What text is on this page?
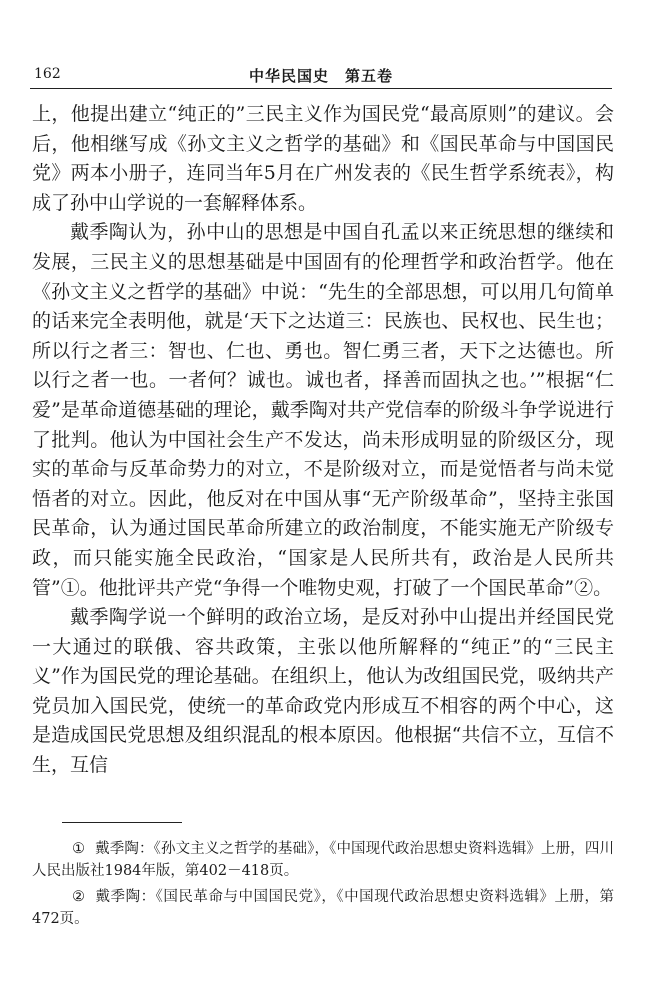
162	中华民国史　第五卷

上，他提出建立“纯正的”三民主义作为国民党“最高原则”的建议。会后，他相继写成《孙文主义之哲学的基础》和《国民革命与中国国民党》两本小册子，连同当年5月在广州发表的《民生哲学系统表》，构成了孙中山学说的一套解释体系。

戴季陶认为，孙中山的思想是中国自孔孟以来正统思想的继续和发展，三民主义的思想基础是中国固有的伦理哲学和政治哲学。他在《孙文主义之哲学的基础》中说：“先生的全部思想，可以用几句简单的话来完全表明他，就是‘天下之达道三：民族也、民权也、民生也；所以行之者三：智也、仁也、勇也。智仁勇三者，天下之达德也。所以行之者一也。一者何？诚也。诚也者，择善而固执之也。’”根据“仁爱”是革命道德基础的理论，戴季陶对共产党信奉的阶级斗争学说进行了批判。他认为中国社会生产不发达，尚未形成明显的阶级区分，现实的革命与反革命势力的对立，不是阶级对立，而是觉悟者与尚未觉悟者的对立。因此，他反对在中国从事“无产阶级革命”，坚持主张国民革命，认为通过国民革命所建立的政治制度，不能实施无产阶级专政，而只能实施全民政治，“国家是人民所共有，政治是人民所共管”①。他批评共产党“争得一个唯物史观，打破了一个国民革命”②。

戴季陶学说一个鲜明的政治立场，是反对孙中山提出并经国民党一大通过的联俄、容共政策，主张以他所解释的“纯正”的“三民主义”作为国民党的理论基础。在组织上，他认为改组国民党，吸纳共产党员加入国民党，使统一的革命政党内形成互不相容的两个中心，这是造成国民党思想及组织混乱的根本原因。他根据“共信不立，互信不生，互信

① 戴季陶：《孙文主义之哲学的基础》，《中国现代政治思想史资料选辑》上册，四川人民出版社1984年版，第402－418页。

② 戴季陶：《国民革命与中国国民党》，《中国现代政治思想史资料选辑》上册，第472页。
